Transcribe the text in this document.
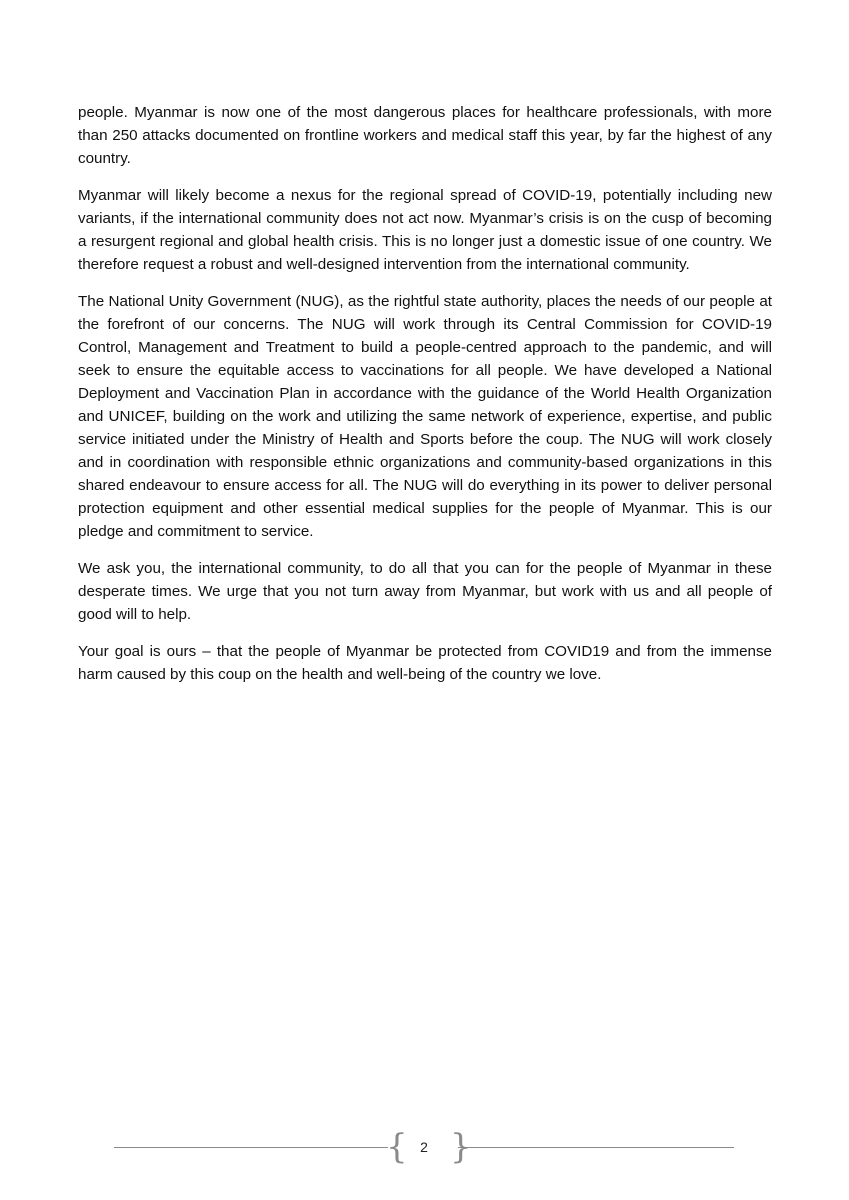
people. Myanmar is now one of the most dangerous places for healthcare professionals, with more than 250 attacks documented on frontline workers and medical staff this year, by far the highest of any country.

Myanmar will likely become a nexus for the regional spread of COVID-19, potentially including new variants, if the international community does not act now. Myanmar’s crisis is on the cusp of becoming a resurgent regional and global health crisis. This is no longer just a domestic issue of one country. We therefore request a robust and well-designed intervention from the international community.

The National Unity Government (NUG), as the rightful state authority, places the needs of our people at the forefront of our concerns. The NUG will work through its Central Commission for COVID-19 Control, Management and Treatment to build a people-centred approach to the pandemic, and will seek to ensure the equitable access to vaccinations for all people. We have developed a National Deployment and Vaccination Plan in accordance with the guidance of the World Health Organization and UNICEF, building on the work and utilizing the same network of experience, expertise, and public service initiated under the Ministry of Health and Sports before the coup. The NUG will work closely and in coordination with responsible ethnic organizations and community-based organizations in this shared endeavour to ensure access for all. The NUG will do everything in its power to deliver personal protection equipment and other essential medical supplies for the people of Myanmar. This is our pledge and commitment to service.

We ask you, the international community, to do all that you can for the people of Myanmar in these desperate times. We urge that you not turn away from Myanmar, but work with us and all people of good will to help.

Your goal is ours – that the people of Myanmar be protected from COVID19 and from the immense harm caused by this coup on the health and well-being of the country we love.

{ 2 }
